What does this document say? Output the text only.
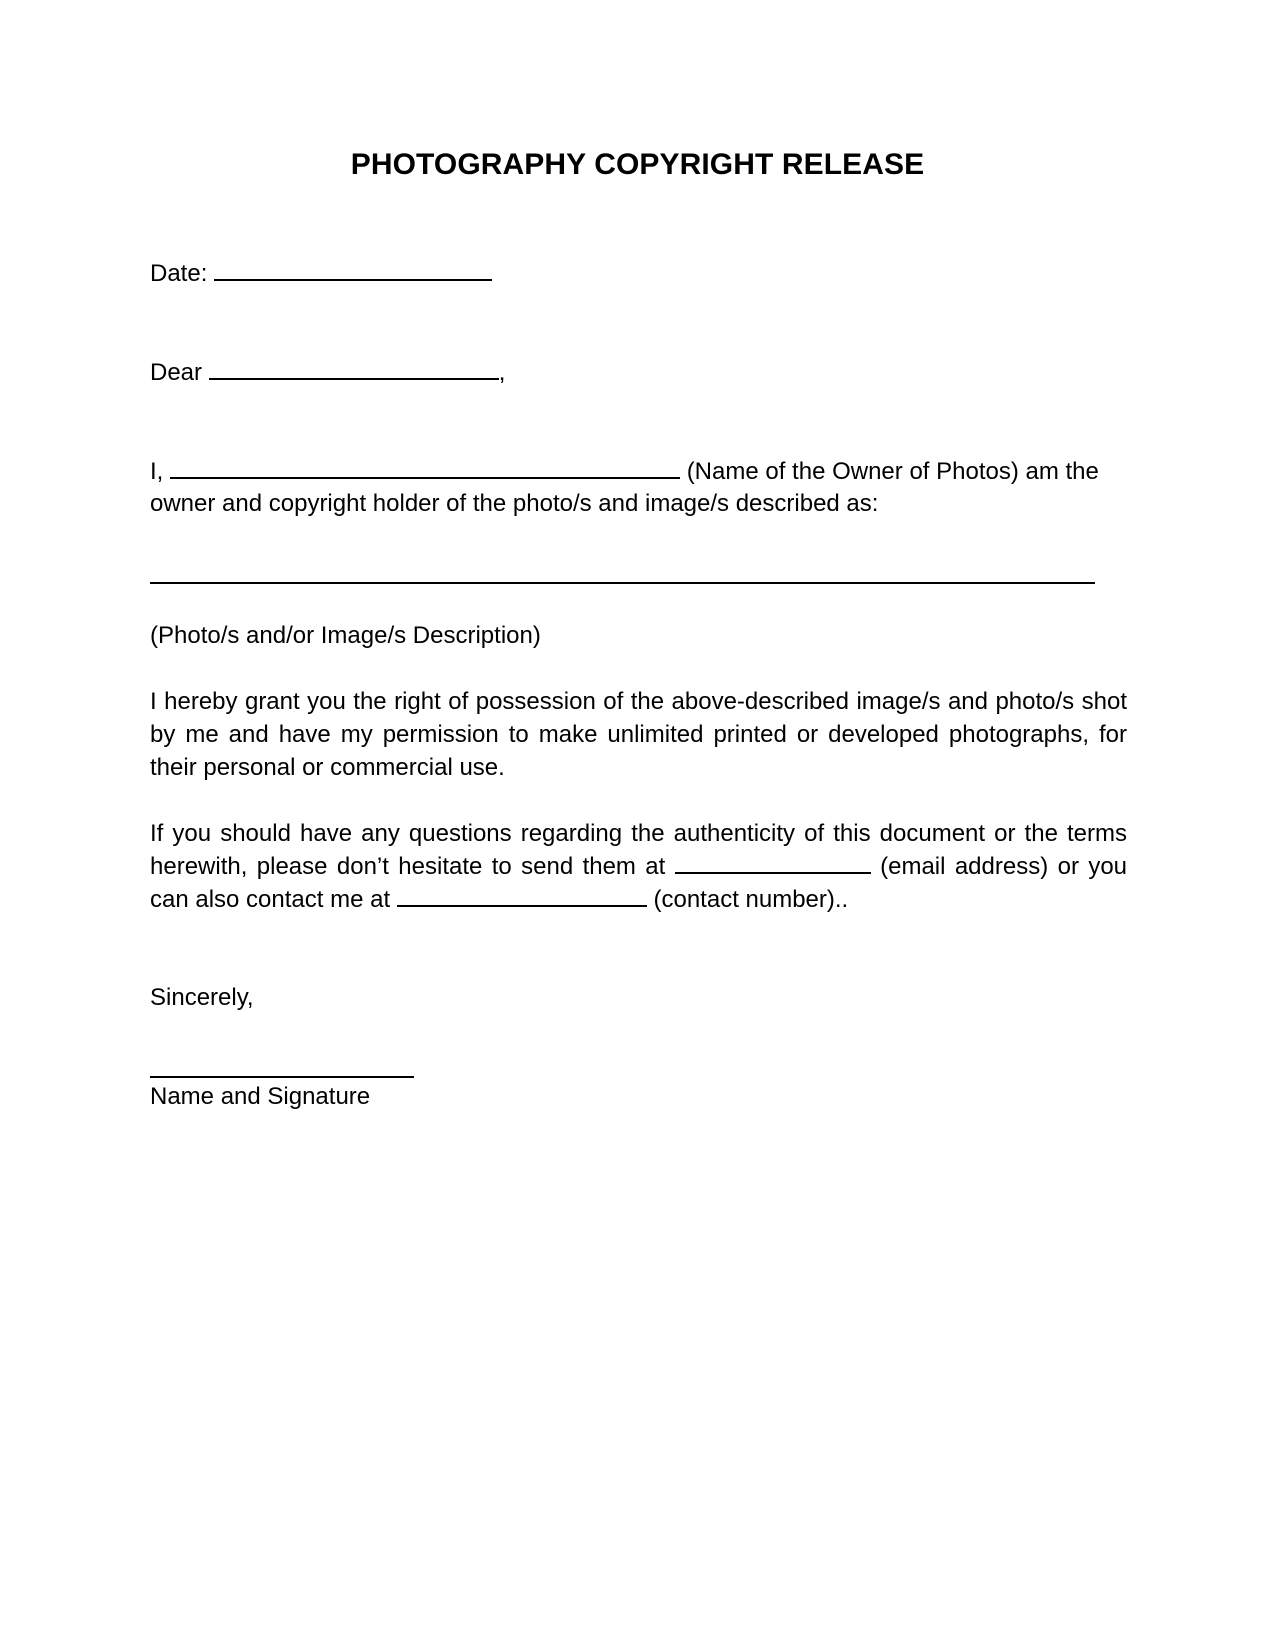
PHOTOGRAPHY COPYRIGHT RELEASE
Date:
Dear	,
I,	(Name of the Owner of Photos) am the
owner and copyright holder of the photo/s and image/s described as:
(Photo/s and/or Image/s Description)
I hereby grant you the right of possession of the above-described image/s and photo/s shot by me and have my permission to make unlimited printed or developed photographs, for their personal or commercial use.
If you should have any questions regarding the authenticity of this document or the terms herewith, please don’t hesitate to send them at	(email address) or you can also contact me at	(contact number)..
Sincerely,
Name and Signature
